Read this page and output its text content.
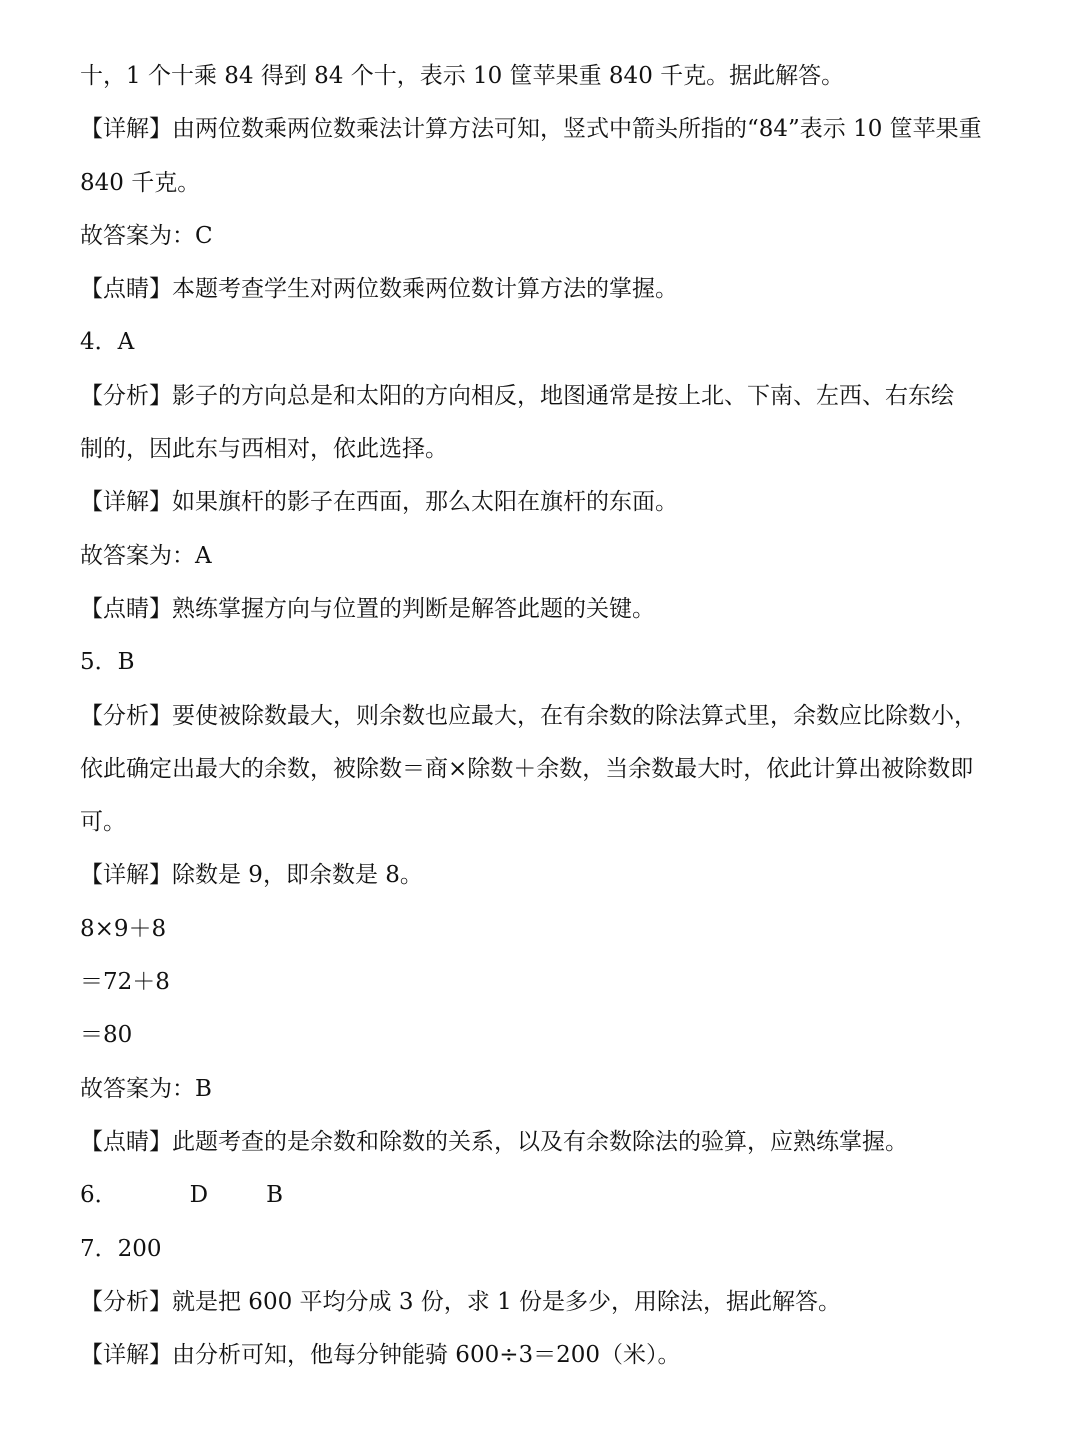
十，1 个十乘 84 得到 84 个十，表示 10 筐苹果重 840 千克。据此解答。
【详解】由两位数乘两位数乘法计算方法可知，竖式中箭头所指的“84”表示 10 筐苹果重
840 千克。
故答案为：C
【点睛】本题考查学生对两位数乘两位数计算方法的掌握。
4．A
【分析】影子的方向总是和太阳的方向相反，地图通常是按上北、下南、左西、右东绘
制的，因此东与西相对，依此选择。
【详解】如果旗杆的影子在西面，那么太阳在旗杆的东面。
故答案为：A
【点睛】熟练掌握方向与位置的判断是解答此题的关键。
5．B
【分析】要使被除数最大，则余数也应最大，在有余数的除法算式里，余数应比除数小，
依此确定出最大的余数，被除数＝商×除数＋余数，当余数最大时，依此计算出被除数即
可。
【详解】除数是 9，即余数是 8。
8×9＋8
＝72＋8
＝80
故答案为：B
【点睛】此题考查的是余数和除数的关系，以及有余数除法的验算，应熟练掌握。
6．	D	B
7．200
【分析】就是把 600 平均分成 3 份，求 1 份是多少，用除法，据此解答。
【详解】由分析可知，他每分钟能骑 600÷3＝200（米）。
